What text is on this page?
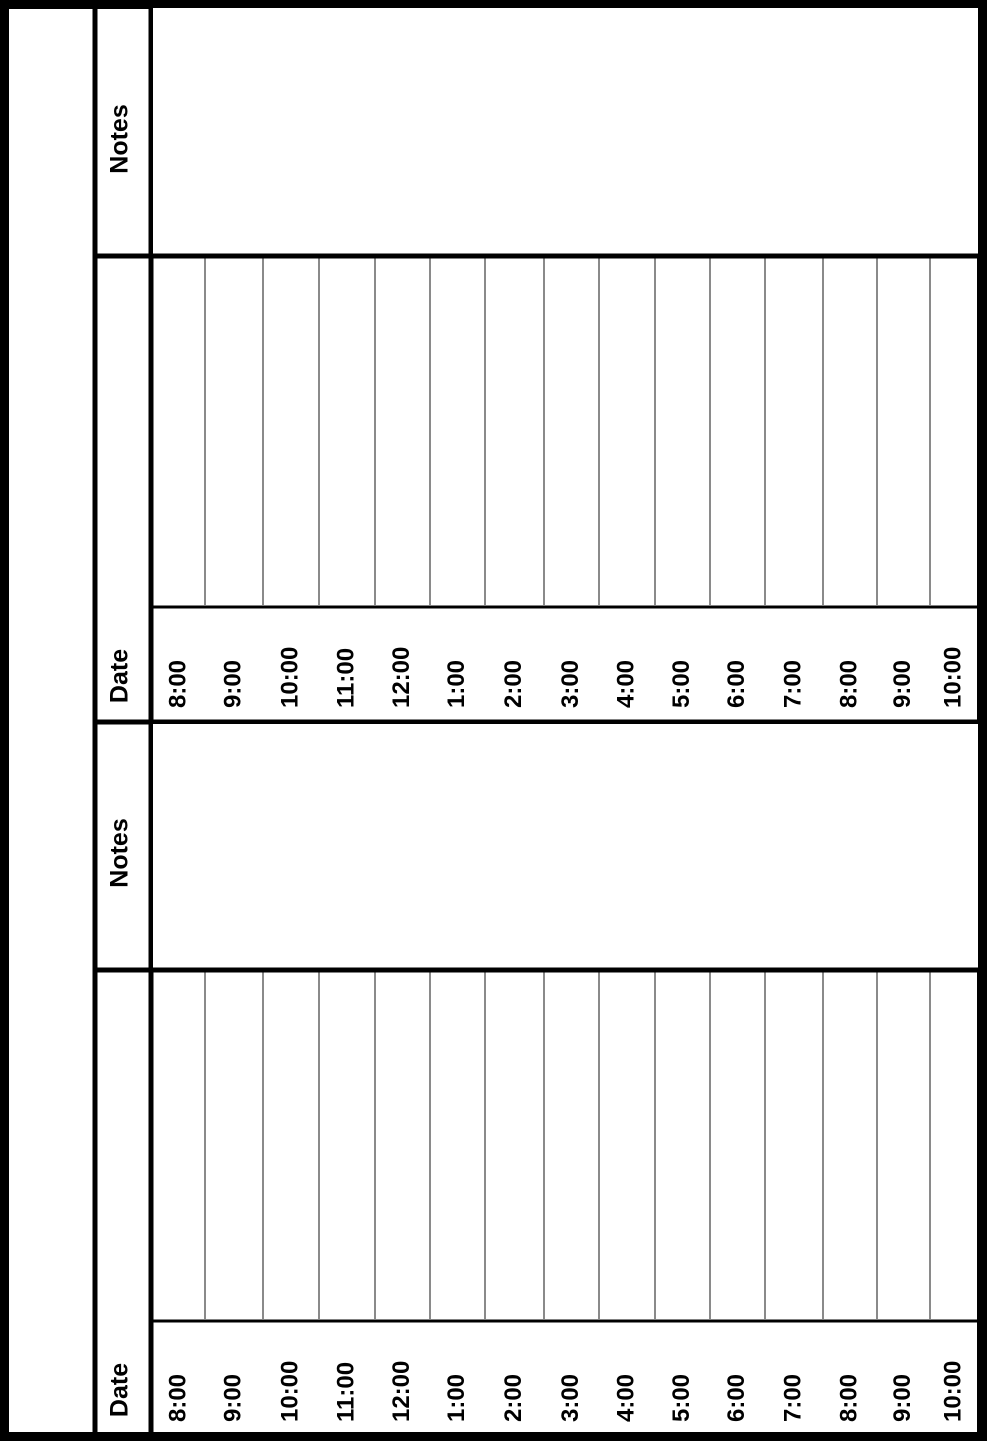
Notes
Date 8:00 9:00 10:00 11:00 12:00 1:00 2:00 3:00 4:00 5:00 6:00 7:00 8:00 9:00 10:00
Notes
Date 8:00 9:00 10:00 11:00 12:00 1:00 2:00 3:00 4:00 5:00 6:00 7:00 8:00 9:00 10:00
